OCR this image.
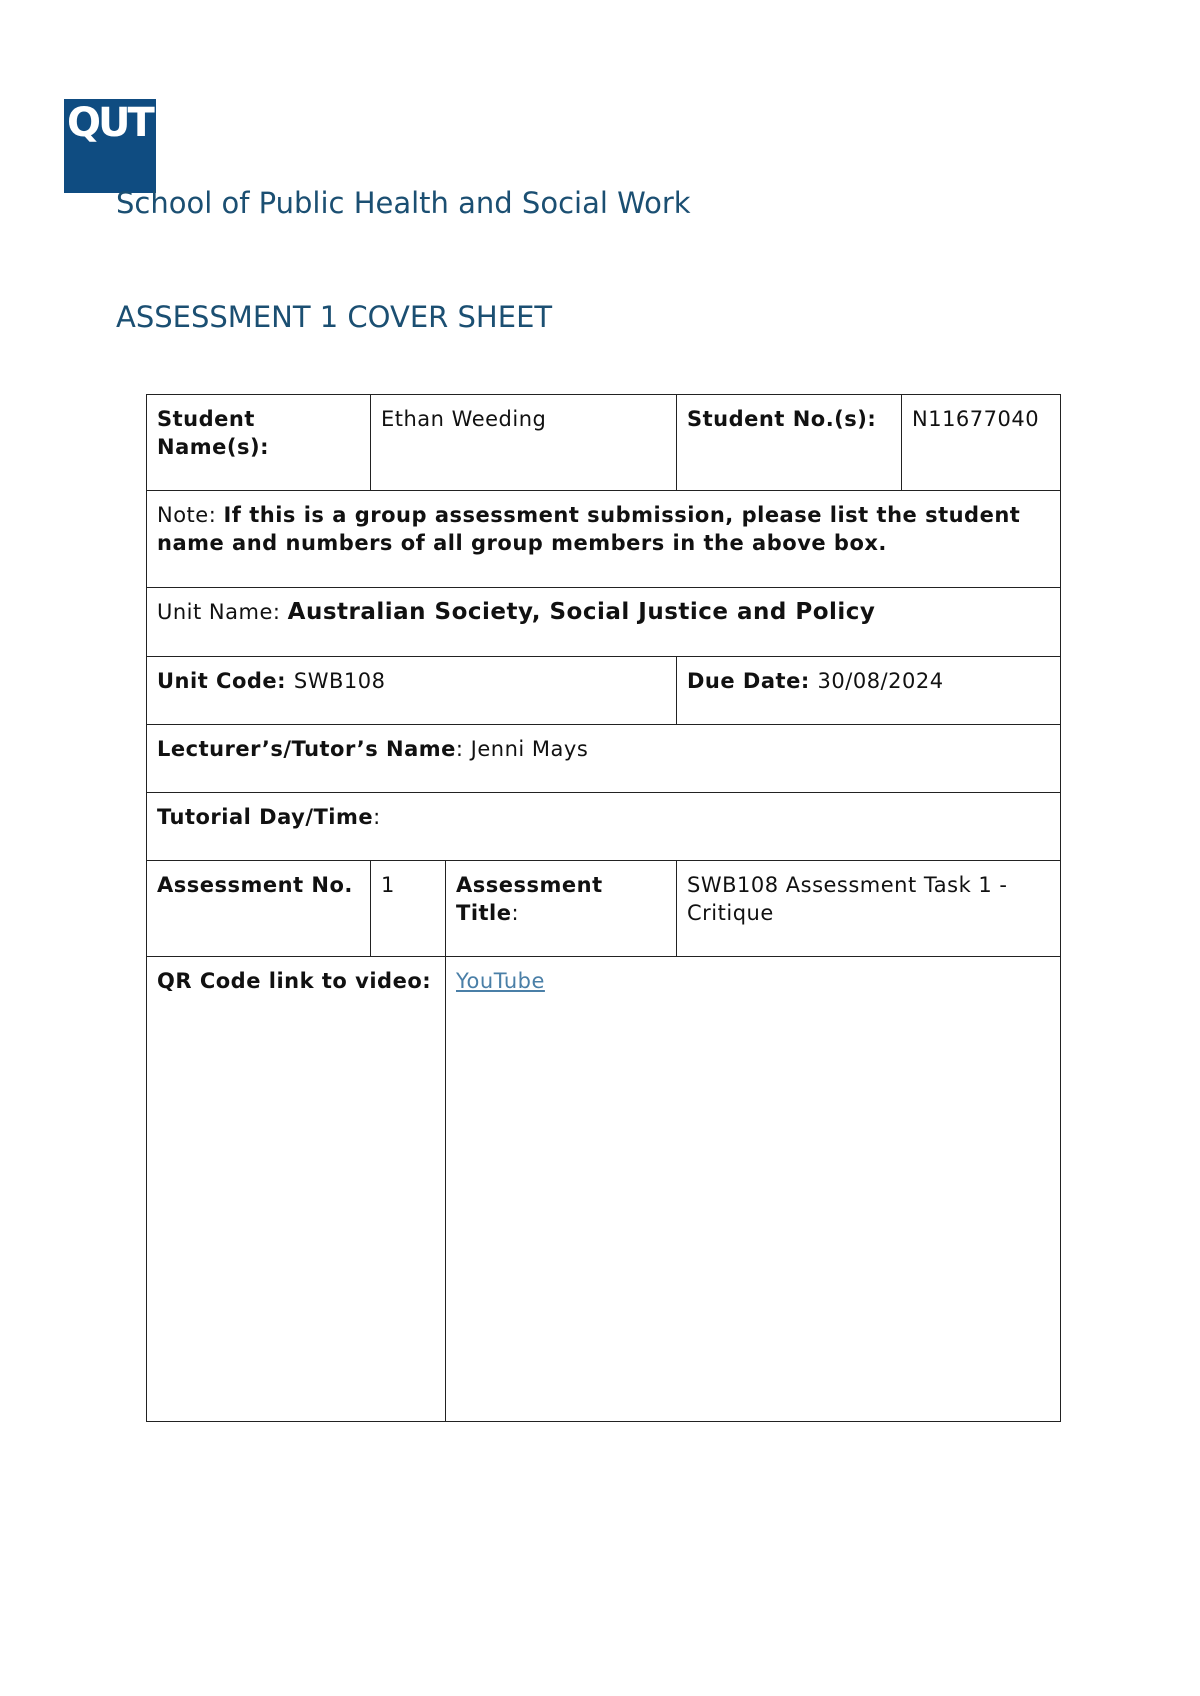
QUT
School of Public Health and Social Work
ASSESSMENT 1 COVER SHEET
Student Name(s):	Ethan Weeding		Student No.(s):	N11677040
Note: If this is a group assessment submission, please list the student name and numbers of all group members in the above box.				
Unit Name: Australian Society, Social Justice and Policy				
Unit Code: SWB108			Due Date: 30/08/2024	
Lecturer’s/Tutor’s Name: Jenni Mays				
Tutorial Day/Time:				
Assessment No.	1	Assessment Title:	SWB108 Assessment Task 1 - Critique	
QR Code link to video:		YouTube		
